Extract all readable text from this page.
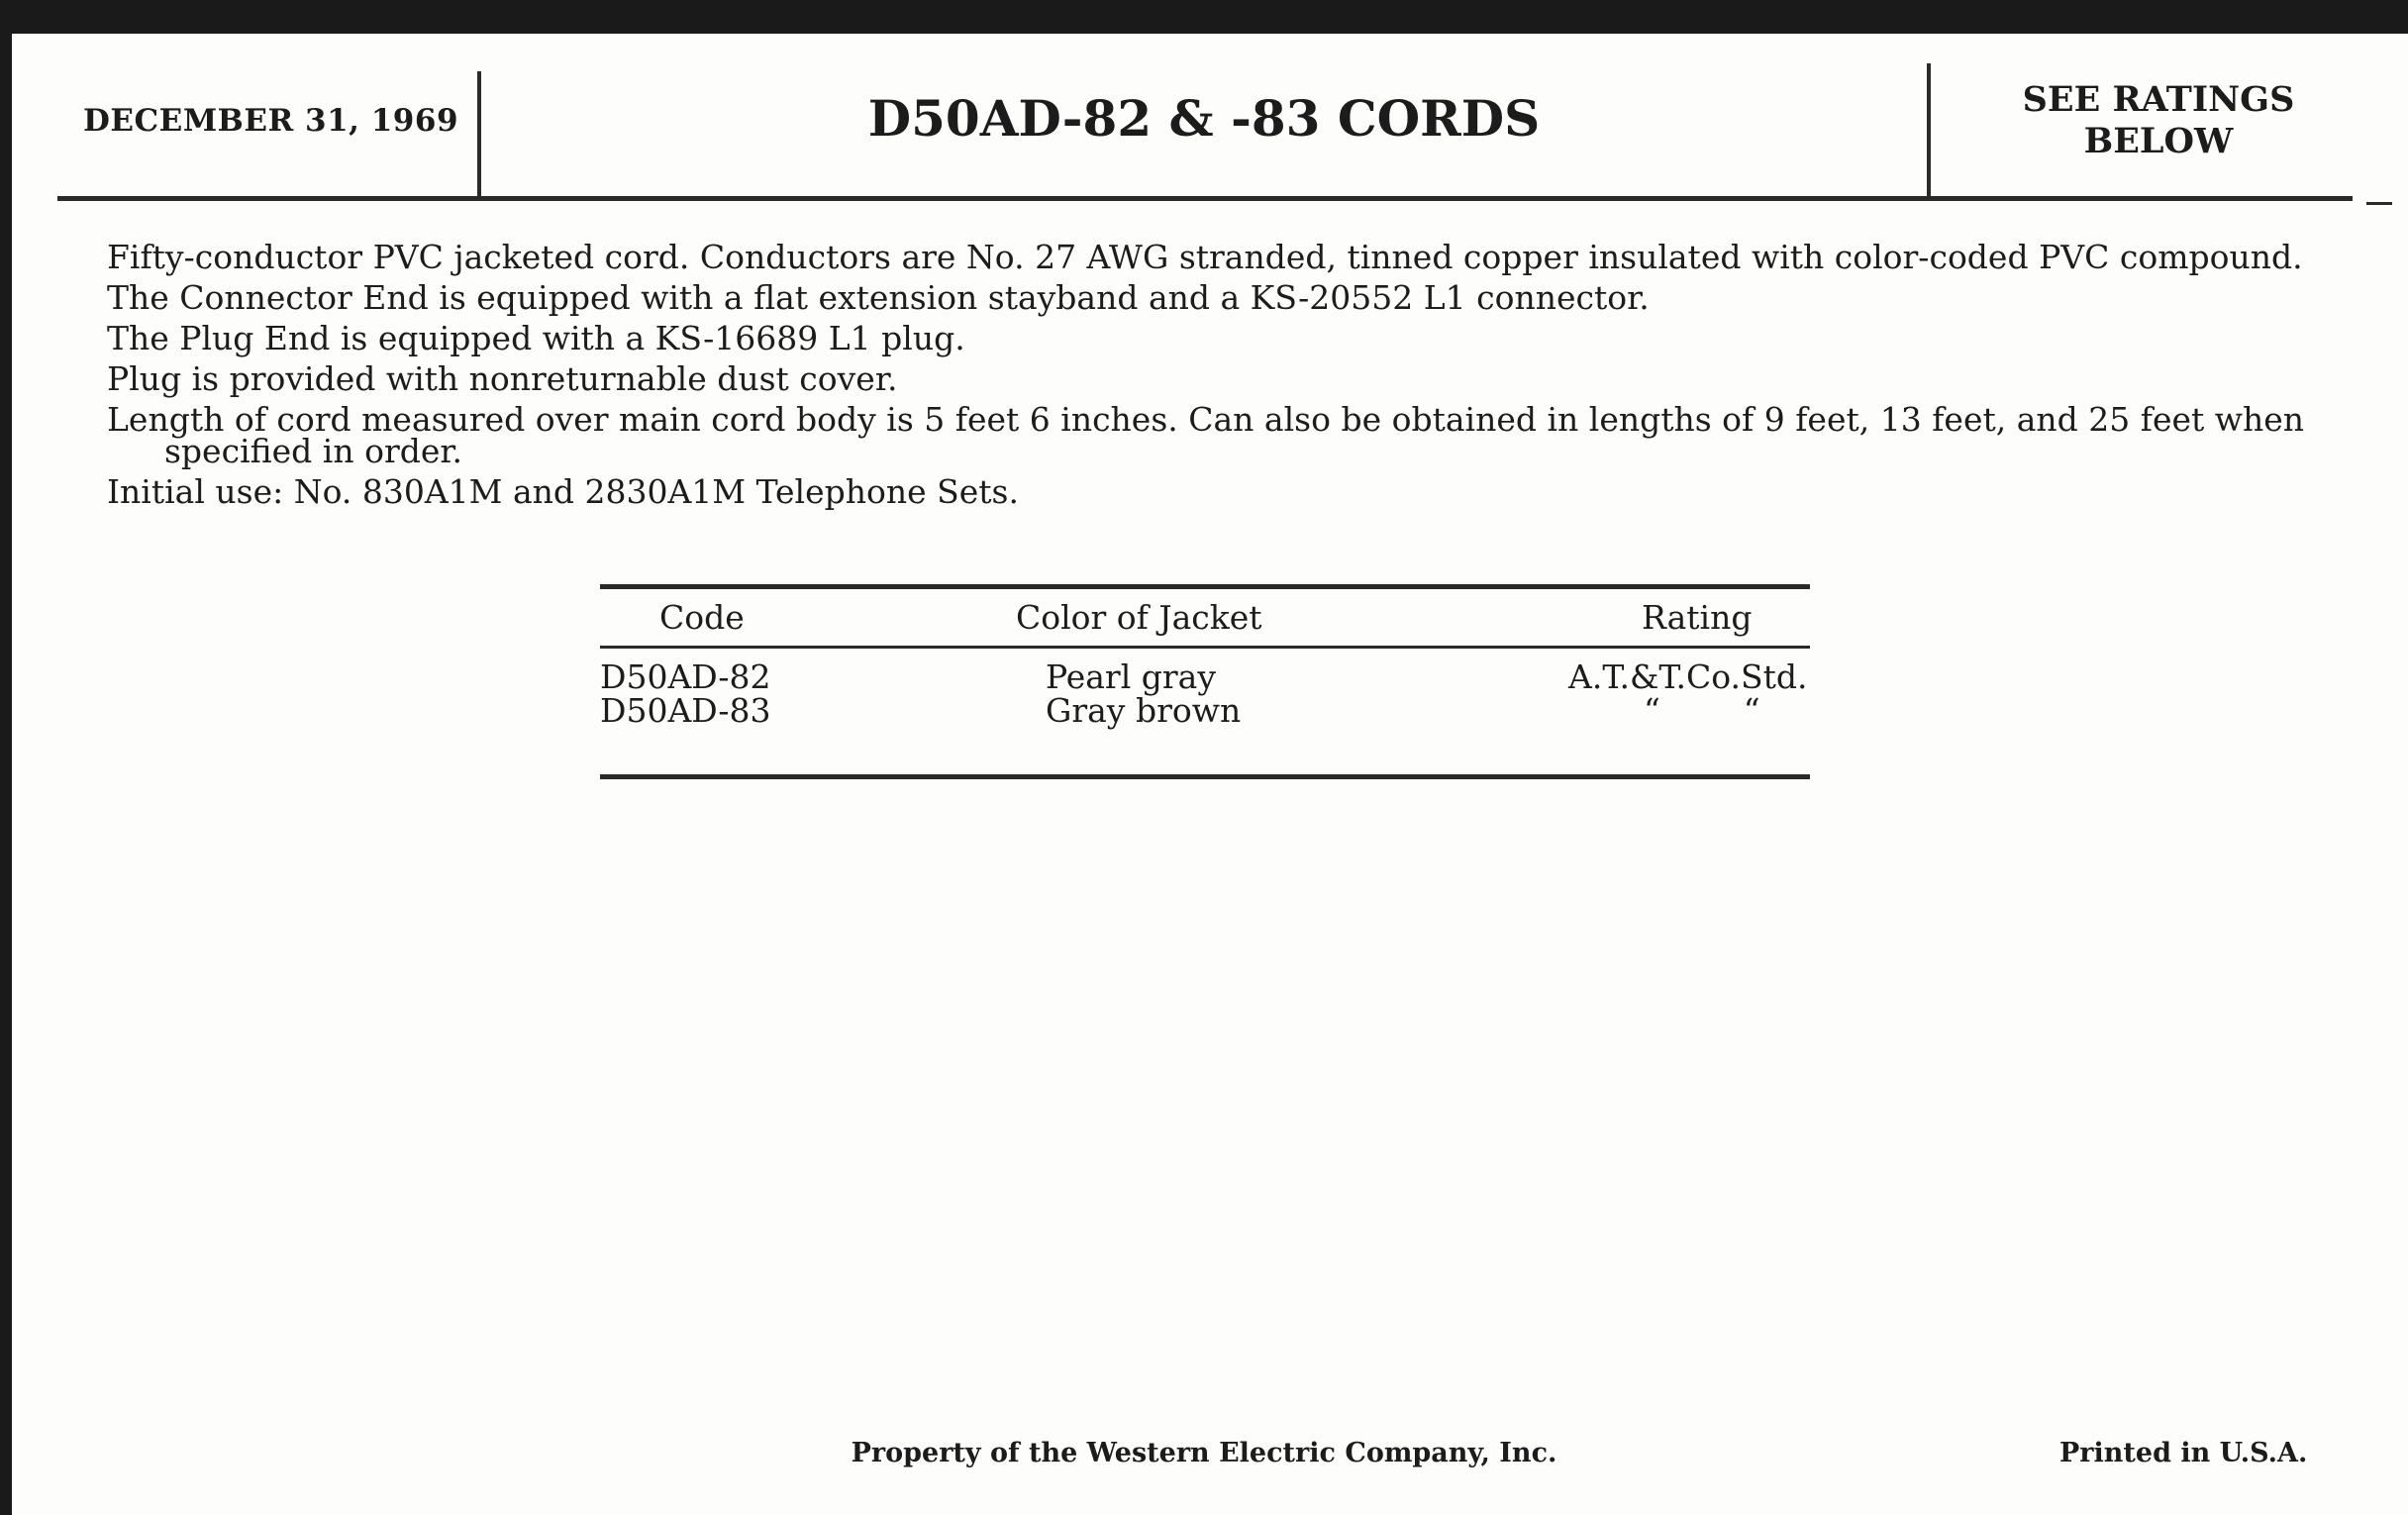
DECEMBER 31, 1969	D50AD-82 & -83 CORDS	SEE RATINGS
BELOW

Fifty-conductor PVC jacketed cord. Conductors are No. 27 AWG stranded, tinned copper insulated with color-coded PVC compound.

The Connector End is equipped with a flat extension stayband and a KS-20552 L1 connector.

The Plug End is equipped with a KS-16689 L1 plug.

Plug is provided with nonreturnable dust cover.

Length of cord measured over main cord body is 5 feet 6 inches. Can also be obtained in lengths of 9 feet, 13 feet, and 25 feet when specified in order.

Initial use: No. 830A1M and 2830A1M Telephone Sets.

Code	Color of Jacket	Rating
D50AD-82	Pearl gray	A.T.&T.Co.Std.
D50AD-83	Gray brown	“        “
Property of the Western Electric Company, Inc.	Printed in U.S.A.
